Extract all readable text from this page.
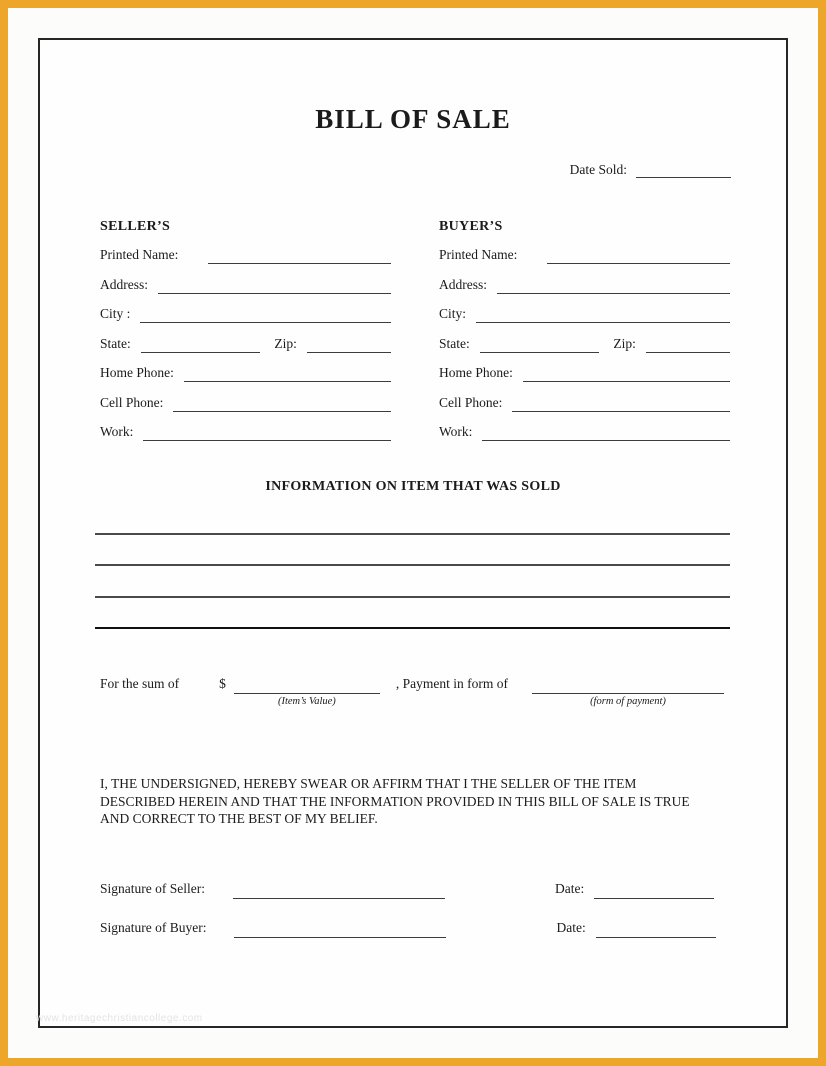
BILL OF SALE
Date Sold:
SELLER’S
Printed Name:
Address:
City :
State:	Zip:
Home Phone:
Cell Phone:
Work:
BUYER’S
Printed Name:
Address:
City:
State:	Zip:
Home Phone:
Cell Phone:
Work:
INFORMATION ON ITEM THAT WAS SOLD
For the sum of	$
(Item’s Value)
, Payment in form of
(form of payment)
I, THE UNDERSIGNED, HEREBY SWEAR OR AFFIRM THAT I THE SELLER OF THE ITEM DESCRIBED HEREIN AND THAT THE INFORMATION PROVIDED IN THIS BILL OF SALE IS TRUE AND CORRECT TO THE BEST OF MY BELIEF.
Signature of Seller:	Date:
Signature of Buyer:	Date:
www.heritagechristiancollege.com
